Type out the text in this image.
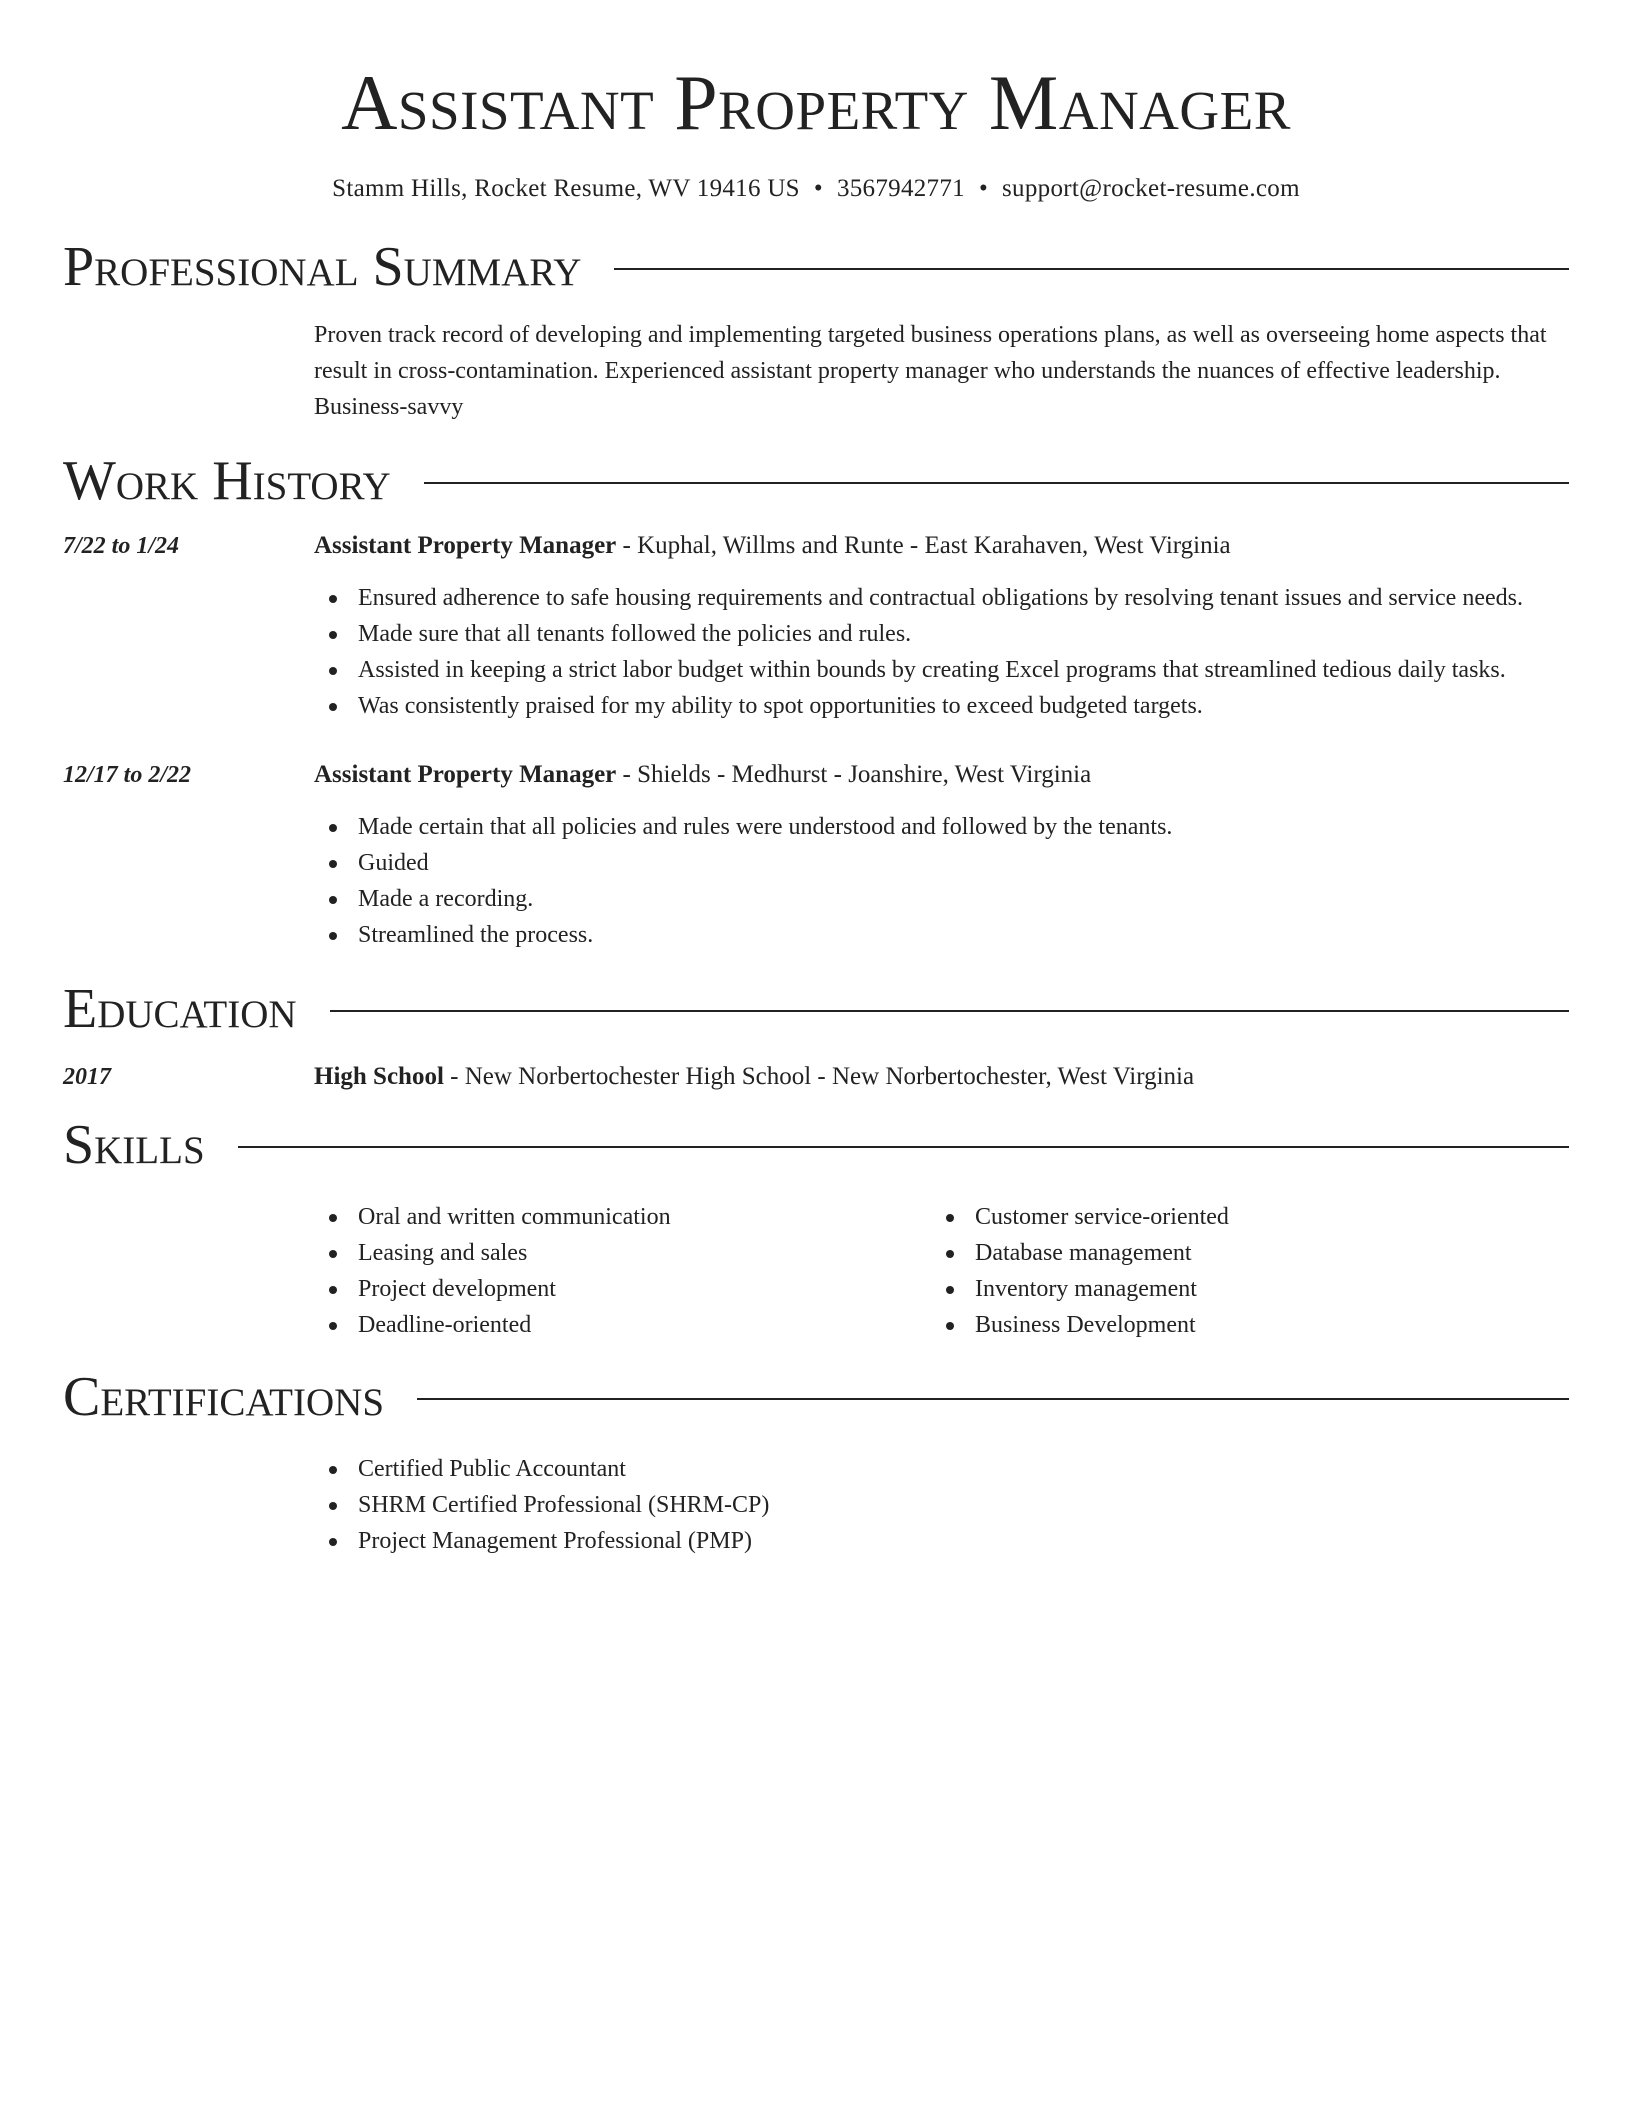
Assistant Property Manager
Stamm Hills, Rocket Resume, WV 19416 US • 3567942771 • support@rocket-resume.com
Professional Summary
Proven track record of developing and implementing targeted business operations plans, as well as overseeing home aspects that result in cross-contamination. Experienced assistant property manager who understands the nuances of effective leadership. Business-savvy
Work History
7/22 to 1/24	Assistant Property Manager - Kuphal, Willms and Runte - East Karahaven, West Virginia
Ensured adherence to safe housing requirements and contractual obligations by resolving tenant issues and service needs.
Made sure that all tenants followed the policies and rules.
Assisted in keeping a strict labor budget within bounds by creating Excel programs that streamlined tedious daily tasks.
Was consistently praised for my ability to spot opportunities to exceed budgeted targets.
12/17 to 2/22	Assistant Property Manager - Shields - Medhurst - Joanshire, West Virginia
Made certain that all policies and rules were understood and followed by the tenants.
Guided
Made a recording.
Streamlined the process.
Education
2017	High School - New Norbertochester High School - New Norbertochester, West Virginia
Skills
Oral and written communication
Leasing and sales
Project development
Deadline-oriented
Customer service-oriented
Database management
Inventory management
Business Development
Certifications
Certified Public Accountant
SHRM Certified Professional (SHRM-CP)
Project Management Professional (PMP)
